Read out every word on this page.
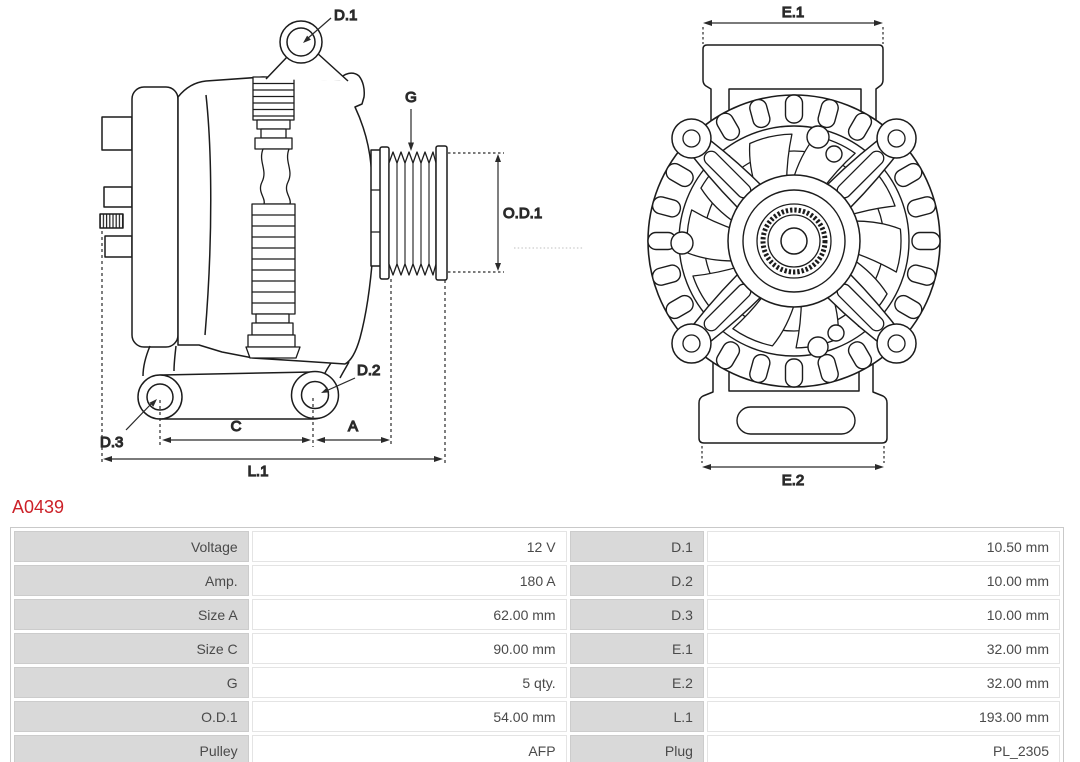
D.1
G
O.D.1
D.2
D.3
C	A
L.1
E.1
E.2
A0439
Voltage	12 V	D.1	10.50 mm
Amp.	180 A	D.2	10.00 mm
Size A	62.00 mm	D.3	10.00 mm
Size C	90.00 mm	E.1	32.00 mm
G	5 qty.	E.2	32.00 mm
O.D.1	54.00 mm	L.1	193.00 mm
Pulley	AFP	Plug	PL_2305
